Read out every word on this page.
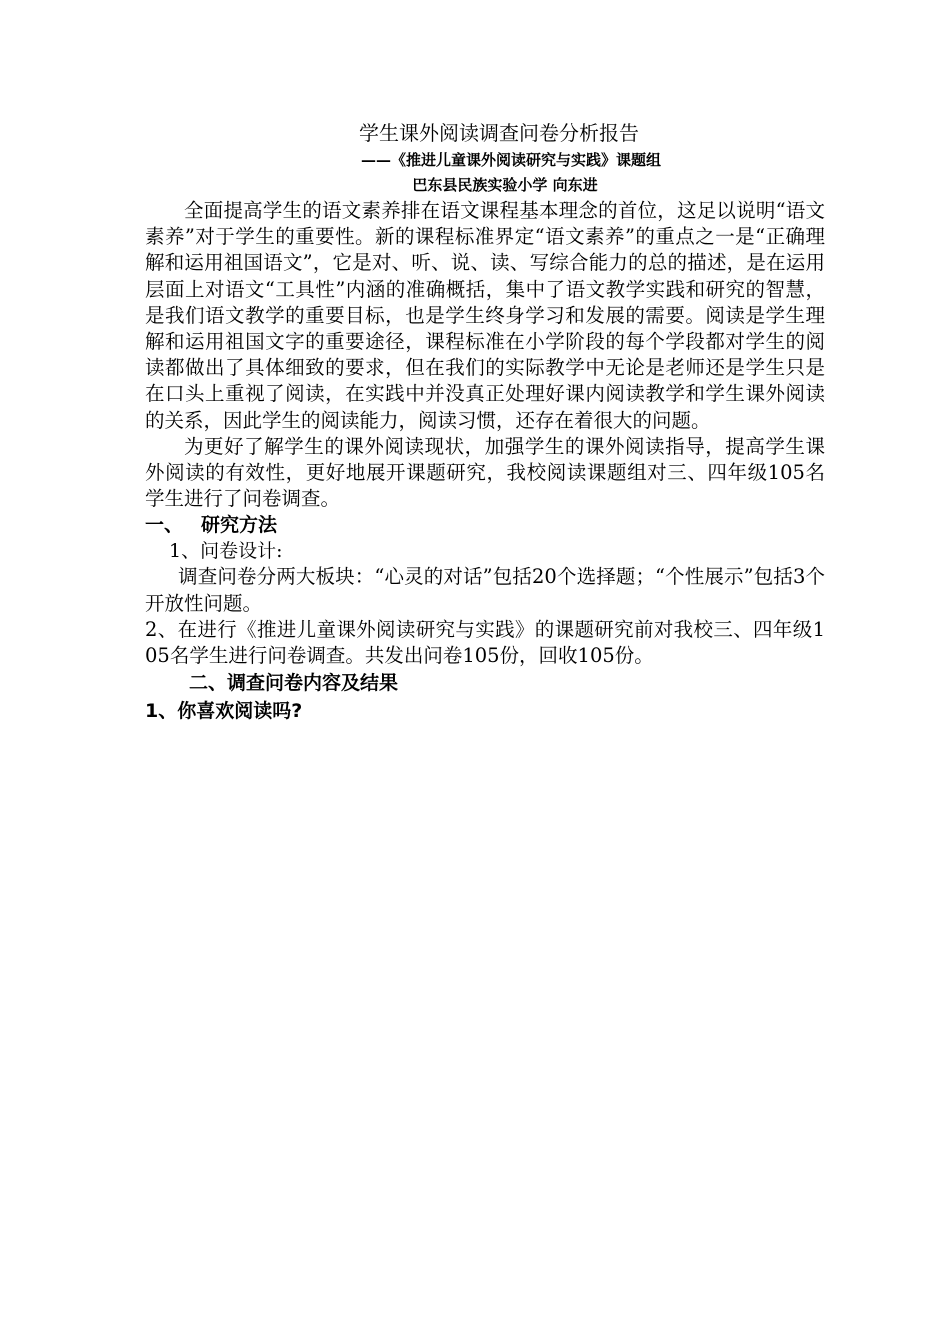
学生课外阅读调查问卷分析报告

——《推进儿童课外阅读研究与实践》课题组

巴东县民族实验小学 向东进

全面提高学生的语文素养排在语文课程基本理念的首位，这足以说明“语文素养”对于学生的重要性。新的课程标准界定“语文素养”的重点之一是“正确理解和运用祖国语文”，它是对、听、说、读、写综合能力的总的描述，是在运用层面上对语文“工具性”内涵的准确概括，集中了语文教学实践和研究的智慧，是我们语文教学的重要目标，也是学生终身学习和发展的需要。阅读是学生理解和运用祖国文字的重要途径，课程标准在小学阶段的每个学段都对学生的阅读都做出了具体细致的要求，但在我们的实际教学中无论是老师还是学生只是在口头上重视了阅读，在实践中并没真正处理好课内阅读教学和学生课外阅读的关系，因此学生的阅读能力，阅读习惯，还存在着很大的问题。

为更好了解学生的课外阅读现状，加强学生的课外阅读指导，提高学生课外阅读的有效性，更好地展开课题研究，我校阅读课题组对三、四年级105名学生进行了问卷调查。

一、 研究方法

1、问卷设计:

调查问卷分两大板块：“心灵的对话”包括20个选择题；“个性展示”包括3个开放性问题。

2、在进行《推进儿童课外阅读研究与实践》的课题研究前对我校三、四年级105名学生进行问卷调查。共发出问卷105份，回收105份。

二、调查问卷内容及结果

1、你喜欢阅读吗?
